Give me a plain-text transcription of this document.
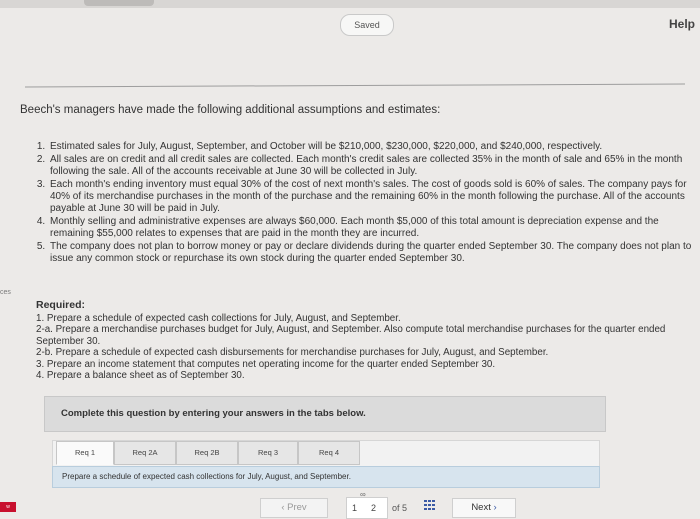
Saved	Help
Beech's managers have made the following additional assumptions and estimates:
1. Estimated sales for July, August, September, and October will be $210,000, $230,000, $220,000, and $240,000, respectively.
2. All sales are on credit and all credit sales are collected. Each month's credit sales are collected 35% in the month of sale and 65% in the month following the sale. All of the accounts receivable at June 30 will be collected in July.
3. Each month's ending inventory must equal 30% of the cost of next month's sales. The cost of goods sold is 60% of sales. The company pays for 40% of its merchandise purchases in the month of the purchase and the remaining 60% in the month following the purchase. All of the accounts payable at June 30 will be paid in July.
4. Monthly selling and administrative expenses are always $60,000. Each month $5,000 of this total amount is depreciation expense and the remaining $55,000 relates to expenses that are paid in the month they are incurred.
5. The company does not plan to borrow money or pay or declare dividends during the quarter ended September 30. The company does not plan to issue any common stock or repurchase its own stock during the quarter ended September 30.
ces
Required:
1. Prepare a schedule of expected cash collections for July, August, and September.
2-a. Prepare a merchandise purchases budget for July, August, and September. Also compute total merchandise purchases for the quarter ended September 30.
2-b. Prepare a schedule of expected cash disbursements for merchandise purchases for July, August, and September.
3. Prepare an income statement that computes net operating income for the quarter ended September 30.
4. Prepare a balance sheet as of September 30.
Complete this question by entering your answers in the tabs below.
Req 1	Req 2A	Req 2B	Req 3	Req 4
Prepare a schedule of expected cash collections for July, August, and September.
w	‹ Prev
∞
1 2 of 5	Next ›
